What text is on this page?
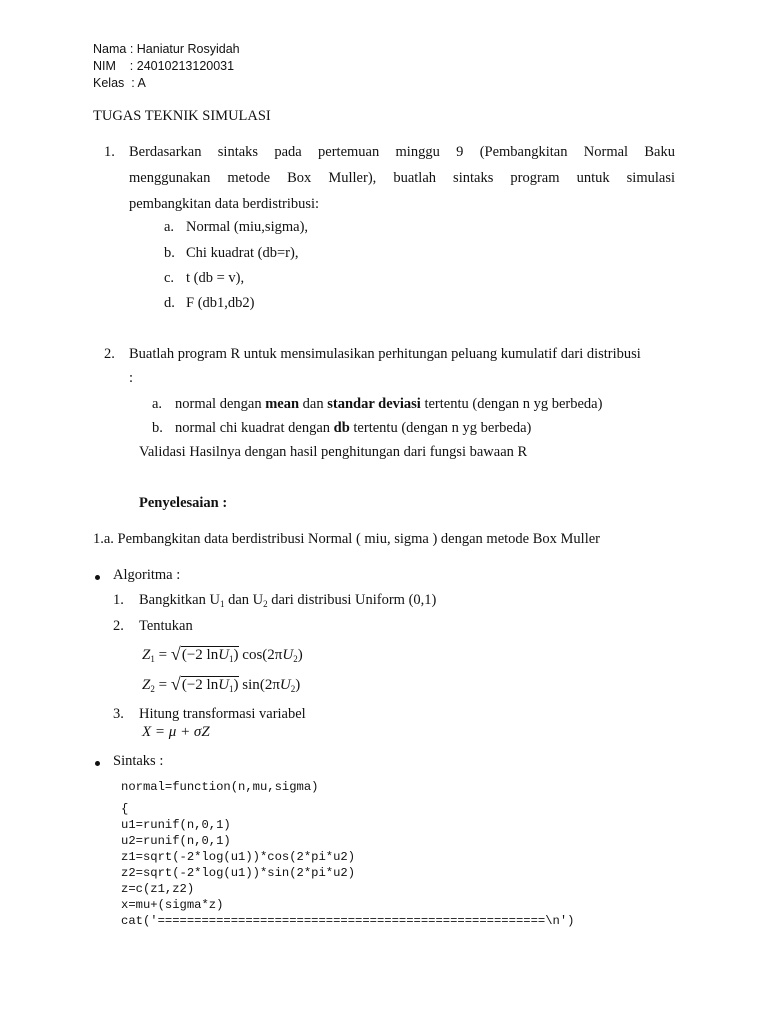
Nama : Haniatur Rosyidah
NIM    : 24010213120031
Kelas  : A
TUGAS TEKNIK SIMULASI
1. Berdasarkan sintaks pada pertemuan minggu 9 (Pembangkitan Normal Baku
menggunakan metode Box Muller), buatlah sintaks program untuk simulasi
pembangkitan data berdistribusi:
a. Normal (miu,sigma),
b. Chi kuadrat (db=r),
c. t (db = v),
d. F (db1,db2)
2. Buatlah program R untuk mensimulasikan perhitungan peluang kumulatif dari distribusi
:
a. normal dengan mean dan standar deviasi tertentu (dengan n yg berbeda)
b. normal chi kuadrat dengan db tertentu (dengan n yg berbeda)
Validasi Hasilnya dengan hasil penghitungan dari fungsi bawaan R
Penyelesaian :
1.a. Pembangkitan data berdistribusi Normal ( miu, sigma ) dengan metode Box Muller
Algoritma :
1. Bangkitkan $U_1$ dan $U_2$ dari distribusi Uniform (0,1)
2. Tentukan
$Z_1$ = √ (−2 lnU$_1$) $\cos(2\pi U_2)$
$Z_2$ = √ (−2 lnU$_1$) $\sin(2\pi U_2)$
3. Hitung transformasi variabel
X = μ + σZ
Sintaks :
normal=function(n,mu,sigma)
{
u1=runif(n,0,1)
u2=runif(n,0,1)
z1=sqrt(-2*log(u1))*cos(2*pi*u2)
z2=sqrt(-2*log(u1))*sin(2*pi*u2)
z=c(z1,z2)
x=mu+(sigma*z)
cat('=====================================================\n')
